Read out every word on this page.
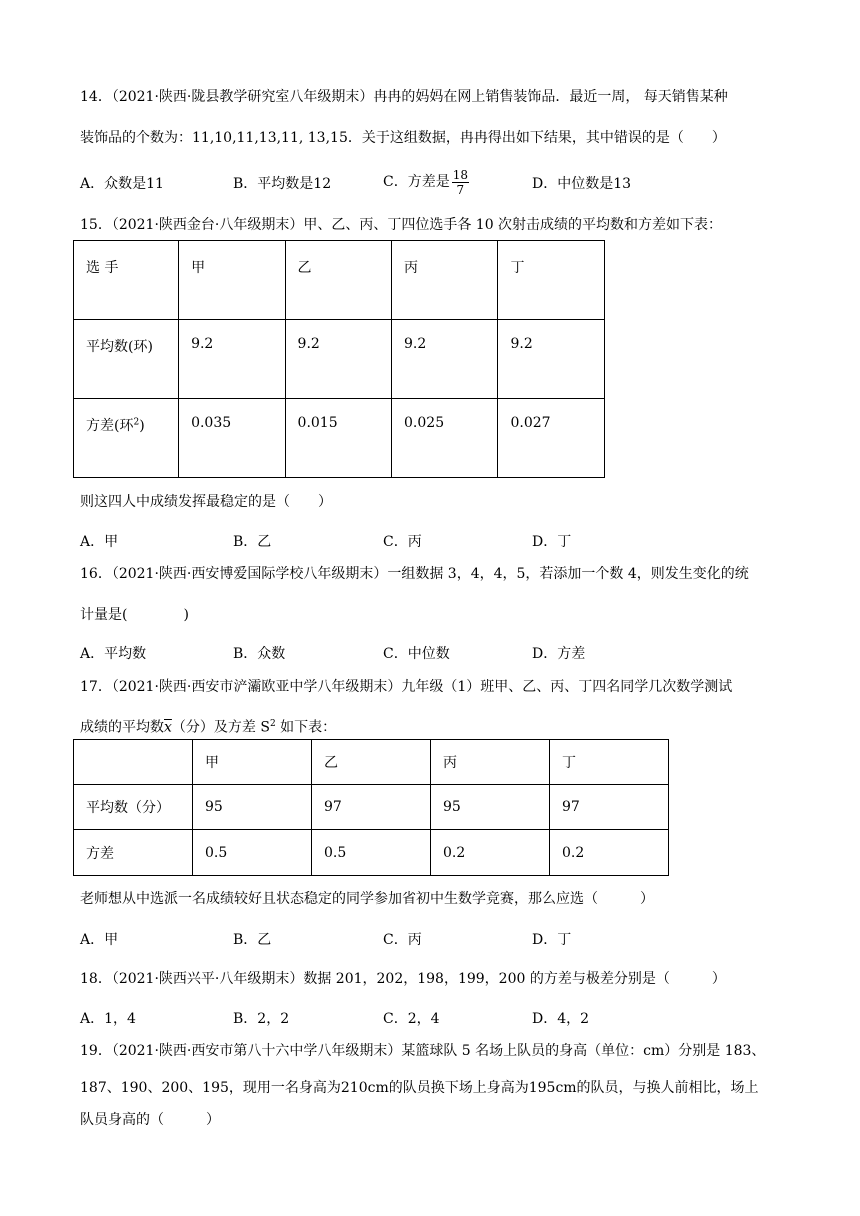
14．（2021·陕西·陇县教学研究室八年级期末）冉冉的妈妈在网上销售装饰品．最近一周， 每天销售某种
装饰品的个数为：11,10,11,13,11, 13,15．关于这组数据，冉冉得出如下结果，其中错误的是（　　）
A．众数是11	B．平均数是12	C．方差是 $\frac{18}{7}$	D．中位数是13
15．（2021·陕西金台·八年级期末）甲、乙、丙、丁四位选手各 10 次射击成绩的平均数和方差如下表：
选 手	甲	乙	丙	丁
平均数(环)	9.2	9.2	9.2	9.2
方差(环$^2$)	0.035	0.015	0.025	0.027
则这四人中成绩发挥最稳定的是（　　）
A．甲	B．乙	C．丙	D．丁
16．（2021·陕西·西安博爱国际学校八年级期末）一组数据 3，4，4，5，若添加一个数 4，则发生变化的统
计量是(　　　　)
A．平均数	B．众数	C．中位数	D．方差
17．（2021·陕西·西安市浐灞欧亚中学八年级期末）九年级（1）班甲、乙、丙、丁四名同学几次数学测试
成绩的平均数$\overline{x}$（分）及方差 $S^2$ 如下表：
	甲	乙	丙	丁
平均数（分）	95	97	95	97
方差	0.5	0.5	0.2	0.2
老师想从中选派一名成绩较好且状态稳定的同学参加省初中生数学竞赛，那么应选（　　　）
A．甲	B．乙	C．丙	D．丁
18．（2021·陕西兴平·八年级期末）数据 201，202，198，199，200 的方差与极差分别是（　　　）
A．1，4	B．2，2	C．2，4	D．4，2
19．（2021·陕西·西安市第八十六中学八年级期末）某篮球队 5 名场上队员的身高（单位：cm）分别是 183、
187、190、200、195，现用一名身高为210cm的队员换下场上身高为195cm的队员，与换人前相比，场上
队员身高的（　　　）
